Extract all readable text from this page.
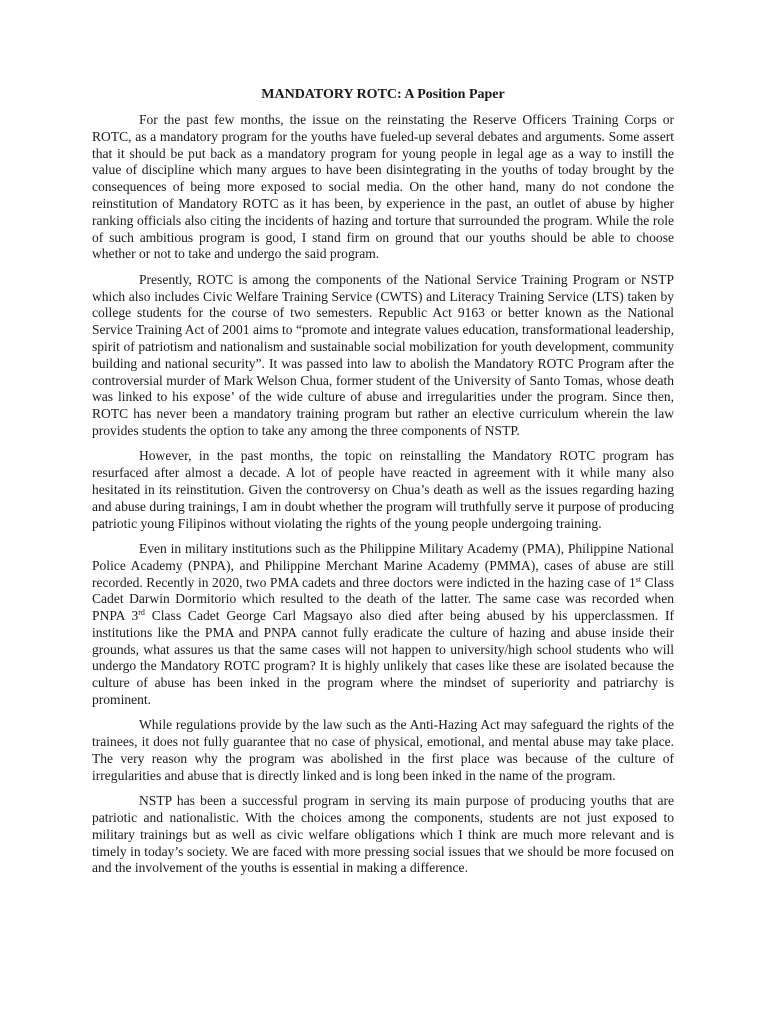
MANDATORY ROTC: A Position Paper

For the past few months, the issue on the reinstating the Reserve Officers Training Corps or ROTC, as a mandatory program for the youths have fueled-up several debates and arguments. Some assert that it should be put back as a mandatory program for young people in legal age as a way to instill the value of discipline which many argues to have been disintegrating in the youths of today brought by the consequences of being more exposed to social media. On the other hand, many do not condone the reinstitution of Mandatory ROTC as it has been, by experience in the past, an outlet of abuse by higher ranking officials also citing the incidents of hazing and torture that surrounded the program. While the role of such ambitious program is good, I stand firm on ground that our youths should be able to choose whether or not to take and undergo the said program.

Presently, ROTC is among the components of the National Service Training Program or NSTP which also includes Civic Welfare Training Service (CWTS) and Literacy Training Service (LTS) taken by college students for the course of two semesters. Republic Act 9163 or better known as the National Service Training Act of 2001 aims to “promote and integrate values education, transformational leadership, spirit of patriotism and nationalism and sustainable social mobilization for youth development, community building and national security”. It was passed into law to abolish the Mandatory ROTC Program after the controversial murder of Mark Welson Chua, former student of the University of Santo Tomas, whose death was linked to his expose’ of the wide culture of abuse and irregularities under the program. Since then, ROTC has never been a mandatory training program but rather an elective curriculum wherein the law provides students the option to take any among the three components of NSTP.

However, in the past months, the topic on reinstalling the Mandatory ROTC program has resurfaced after almost a decade. A lot of people have reacted in agreement with it while many also hesitated in its reinstitution. Given the controversy on Chua’s death as well as the issues regarding hazing and abuse during trainings, I am in doubt whether the program will truthfully serve it purpose of producing patriotic young Filipinos without violating the rights of the young people undergoing training.

Even in military institutions such as the Philippine Military Academy (PMA), Philippine National Police Academy (PNPA), and Philippine Merchant Marine Academy (PMMA), cases of abuse are still recorded. Recently in 2020, two PMA cadets and three doctors were indicted in the hazing case of 1st Class Cadet Darwin Dormitorio which resulted to the death of the latter. The same case was recorded when PNPA 3rd Class Cadet George Carl Magsayo also died after being abused by his upperclassmen. If institutions like the PMA and PNPA cannot fully eradicate the culture of hazing and abuse inside their grounds, what assures us that the same cases will not happen to university/high school students who will undergo the Mandatory ROTC program? It is highly unlikely that cases like these are isolated because the culture of abuse has been inked in the program where the mindset of superiority and patriarchy is prominent.

While regulations provide by the law such as the Anti-Hazing Act may safeguard the rights of the trainees, it does not fully guarantee that no case of physical, emotional, and mental abuse may take place. The very reason why the program was abolished in the first place was because of the culture of irregularities and abuse that is directly linked and is long been inked in the name of the program.

NSTP has been a successful program in serving its main purpose of producing youths that are patriotic and nationalistic. With the choices among the components, students are not just exposed to military trainings but as well as civic welfare obligations which I think are much more relevant and is timely in today’s society. We are faced with more pressing social issues that we should be more focused on and the involvement of the youths is essential in making a difference.
